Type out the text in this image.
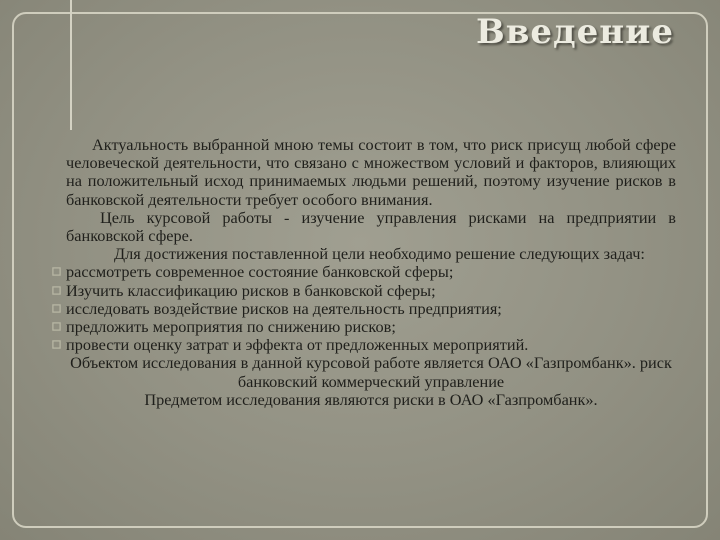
Введение

Актуальность выбранной мною темы состоит в том, что риск присущ любой сфере человеческой деятельности, что связано с множеством условий и факторов, влияющих на положительный исход принимаемых людьми решений, поэтому изучение рисков в банковской деятельности требует особого внимания.

Цель курсовой работы - изучение управления рисками на предприятии в банковской сфере.

Для достижения поставленной цели необходимо решение следующих задач:

рассмотреть современное состояние банковской сферы;
Изучить классификацию рисков в банковской сферы;
исследовать воздействие рисков на деятельность предприятия;
предложить мероприятия по снижению рисков;
провести оценку затрат и эффекта от предложенных мероприятий.

Объектом исследования в данной курсовой работе является ОАО «Газпромбанк». риск банковский коммерческий управление

Предметом исследования являются риски в ОАО «Газпромбанк».
